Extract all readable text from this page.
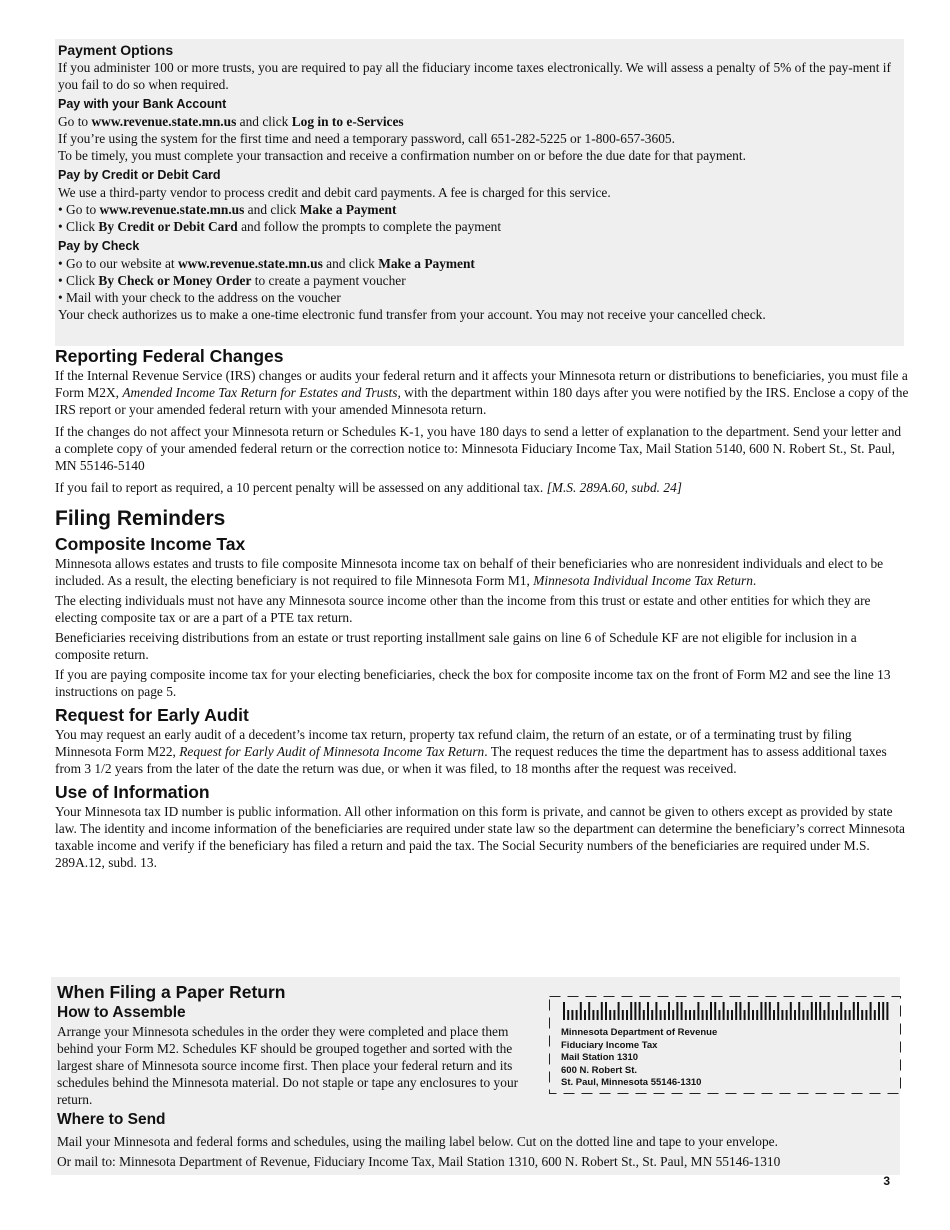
Payment Options

If you administer 100 or more trusts, you are required to pay all the fiduciary income taxes electronically. We will assess a penalty of 5% of the pay-ment if you fail to do so when required.

Pay with your Bank Account

Go to www.revenue.state.mn.us and click Log in to e-Services

If you’re using the system for the first time and need a temporary password, call 651-282-5225 or 1-800-657-3605.

To be timely, you must complete your transaction and receive a confirmation number on or before the due date for that payment.

Pay by Credit or Debit Card

We use a third-party vendor to process credit and debit card payments. A fee is charged for this service.

• Go to www.revenue.state.mn.us and click Make a Payment

• Click By Credit or Debit Card and follow the prompts to complete the payment

Pay by Check

• Go to our website at www.revenue.state.mn.us and click Make a Payment

• Click By Check or Money Order to create a payment voucher

• Mail with your check to the address on the voucher

Your check authorizes us to make a one-time electronic fund transfer from your account. You may not receive your cancelled check.

Reporting Federal Changes

If the Internal Revenue Service (IRS) changes or audits your federal return and it affects your Minnesota return or distributions to beneficiaries, you must file a Form M2X, Amended Income Tax Return for Estates and Trusts, with the department within 180 days after you were notified by the IRS. Enclose a copy of the IRS report or your amended federal return with your amended Minnesota return.

If the changes do not affect your Minnesota return or Schedules K-1, you have 180 days to send a letter of explanation to the department. Send your letter and a complete copy of your amended federal return or the correction notice to: Minnesota Fiduciary Income Tax, Mail Station 5140, 600 N. Robert St., St. Paul, MN 55146-5140

If you fail to report as required, a 10 percent penalty will be assessed on any additional tax. [M.S. 289A.60, subd. 24]

Filing Reminders
Composite Income Tax

Minnesota allows estates and trusts to file composite Minnesota income tax on behalf of their beneficiaries who are nonresident individuals and elect to be included. As a result, the electing beneficiary is not required to file Minnesota Form M1, Minnesota Individual Income Tax Return.

The electing individuals must not have any Minnesota source income other than the income from this trust or estate and other entities for which they are electing composite tax or are a part of a PTE tax return.

Beneficiaries receiving distributions from an estate or trust reporting installment sale gains on line 6 of Schedule KF are not eligible for inclusion in a composite return.

If you are paying composite income tax for your electing beneficiaries, check the box for composite income tax on the front of Form M2 and see the line 13 instructions on page 5.

Request for Early Audit

You may request an early audit of a decedent’s income tax return, property tax refund claim, the return of an estate, or of a terminating trust by filing Minnesota Form M22, Request for Early Audit of Minnesota Income Tax Return. The request reduces the time the department has to assess additional taxes from 3 1/2 years from the later of the date the return was due, or when it was filed, to 18 months after the request was received.

Use of Information

Your Minnesota tax ID number is public information. All other information on this form is private, and cannot be given to others except as provided by state law. The identity and income information of the beneficiaries are required under state law so the department can determine the beneficiary’s correct Minnesota taxable income and verify if the beneficiary has filed a return and paid the tax. The Social Security numbers of the beneficiaries are required under M.S. 289A.12, subd. 13.

When Filing a Paper Return
How to Assemble

Arrange your Minnesota schedules in the order they were completed and place them behind your Form M2. Schedules KF should be grouped together and sorted with the largest share of Minnesota source income first. Then place your federal return and its schedules behind the Minnesota material. Do not staple or tape any enclosures to your return.

Where to Send

Mail your Minnesota and federal forms and schedules, using the mailing label below. Cut on the dotted line and tape to your envelope.

Or mail to: Minnesota Department of Revenue, Fiduciary Income Tax, Mail Station 1310, 600 N. Robert St., St. Paul, MN 55146-1310

Minnesota Department of Revenue
Fiduciary Income Tax
Mail Station 1310
600 N. Robert St.
St. Paul, Minnesota 55146-1310
3
